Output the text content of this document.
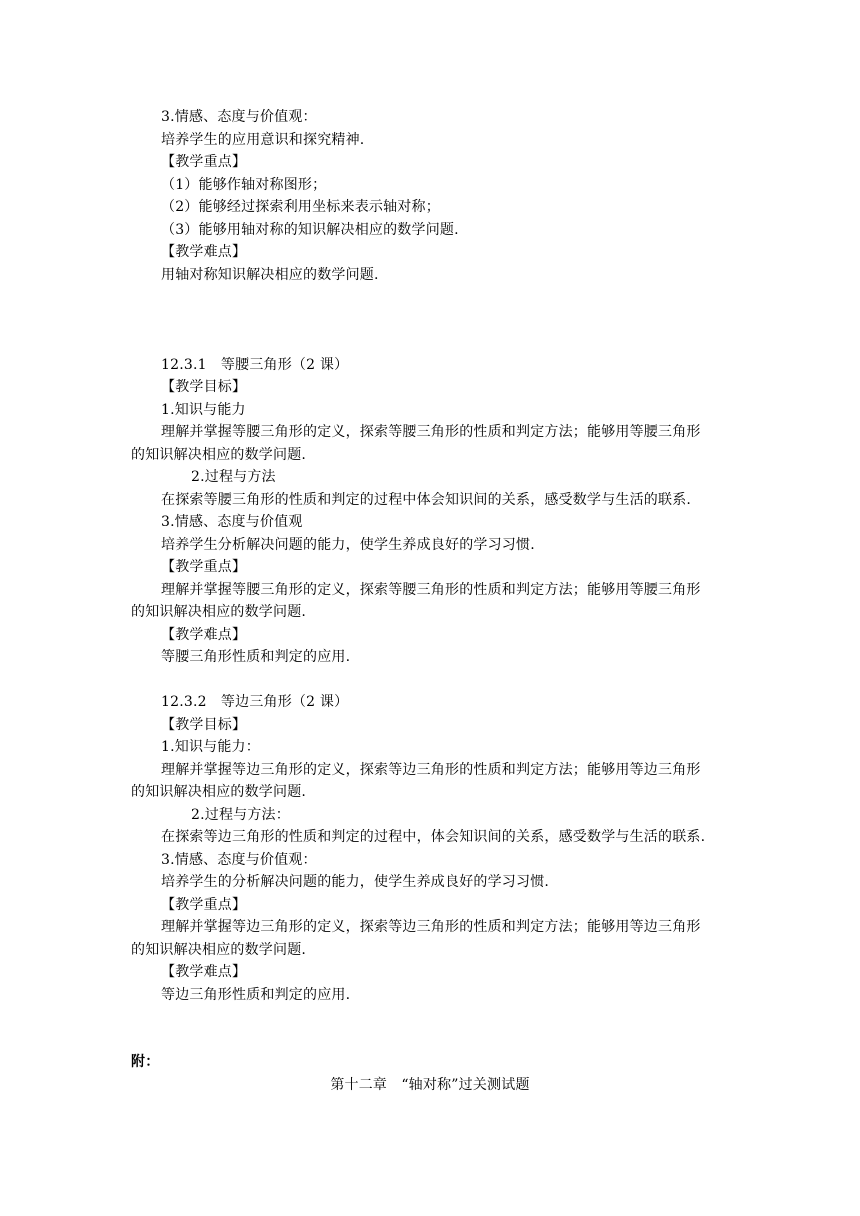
3.情感、态度与价值观：
培养学生的应用意识和探究精神.
【教学重点】
（1）能够作轴对称图形；
（2）能够经过探索利用坐标来表示轴对称；
（3）能够用轴对称的知识解决相应的数学问题.
【教学难点】
用轴对称知识解决相应的数学问题.
12.3.1　等腰三角形（2 课）
【教学目标】
1.知识与能力
理解并掌握等腰三角形的定义，探索等腰三角形的性质和判定方法；能够用等腰三角形
的知识解决相应的数学问题.
2.过程与方法
在探索等腰三角形的性质和判定的过程中体会知识间的关系，感受数学与生活的联系.
3.情感、态度与价值观
培养学生分析解决问题的能力，使学生养成良好的学习习惯.
【教学重点】
理解并掌握等腰三角形的定义，探索等腰三角形的性质和判定方法；能够用等腰三角形
的知识解决相应的数学问题.
【教学难点】
等腰三角形性质和判定的应用.
12.3.2　等边三角形（2 课）
【教学目标】
1.知识与能力：
理解并掌握等边三角形的定义，探索等边三角形的性质和判定方法；能够用等边三角形
的知识解决相应的数学问题.
2.过程与方法：
在探索等边三角形的性质和判定的过程中，体会知识间的关系，感受数学与生活的联系.
3.情感、态度与价值观：
培养学生的分析解决问题的能力，使学生养成良好的学习习惯.
【教学重点】
理解并掌握等边三角形的定义，探索等边三角形的性质和判定方法；能够用等边三角形
的知识解决相应的数学问题.
【教学难点】
等边三角形性质和判定的应用.
附：
第十二章　“轴对称”过关测试题
